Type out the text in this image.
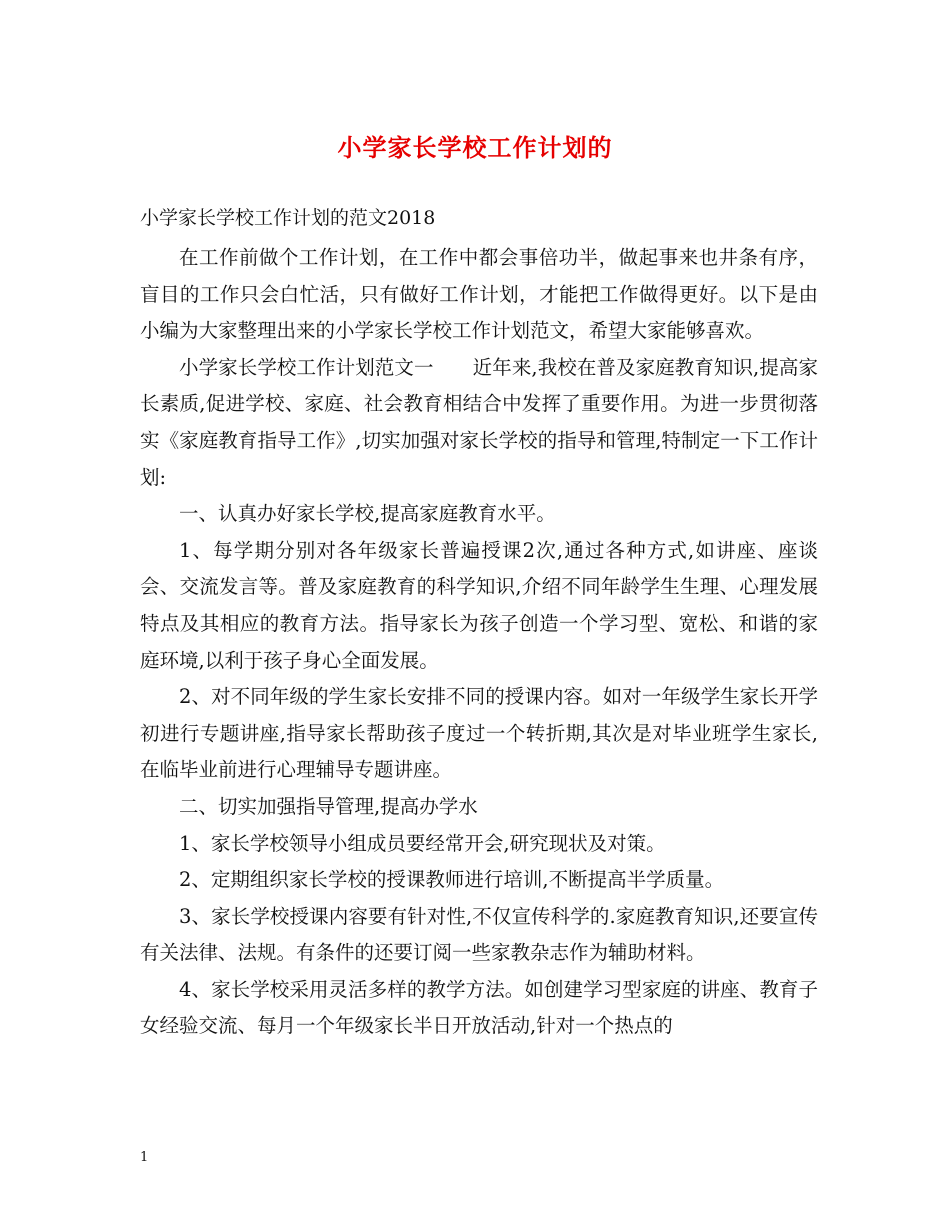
小学家长学校工作计划的
小学家长学校工作计划的范文2018

在工作前做个工作计划，在工作中都会事倍功半，做起事来也井条有序，盲目的工作只会白忙活，只有做好工作计划，才能把工作做得更好。以下是由小编为大家整理出来的小学家长学校工作计划范文，希望大家能够喜欢。

小学家长学校工作计划范文一　　近年来,我校在普及家庭教育知识,提高家长素质,促进学校、家庭、社会教育相结合中发挥了重要作用。为进一步贯彻落实《家庭教育指导工作》,切实加强对家长学校的指导和管理,特制定一下工作计划:

一、认真办好家长学校,提高家庭教育水平。

1、每学期分别对各年级家长普遍授课2次,通过各种方式,如讲座、座谈会、交流发言等。普及家庭教育的科学知识,介绍不同年龄学生生理、心理发展特点及其相应的教育方法。指导家长为孩子创造一个学习型、宽松、和谐的家庭环境,以利于孩子身心全面发展。

2、对不同年级的学生家长安排不同的授课内容。如对一年级学生家长开学初进行专题讲座,指导家长帮助孩子度过一个转折期,其次是对毕业班学生家长,在临毕业前进行心理辅导专题讲座。

二、切实加强指导管理,提高办学水

1、家长学校领导小组成员要经常开会,研究现状及对策。

2、定期组织家长学校的授课教师进行培训,不断提高半学质量。

3、家长学校授课内容要有针对性,不仅宣传科学的.家庭教育知识,还要宣传有关法律、法规。有条件的还要订阅一些家教杂志作为辅助材料。

4、家长学校采用灵活多样的教学方法。如创建学习型家庭的讲座、教育子女经验交流、每月一个年级家长半日开放活动,针对一个热点的

1
